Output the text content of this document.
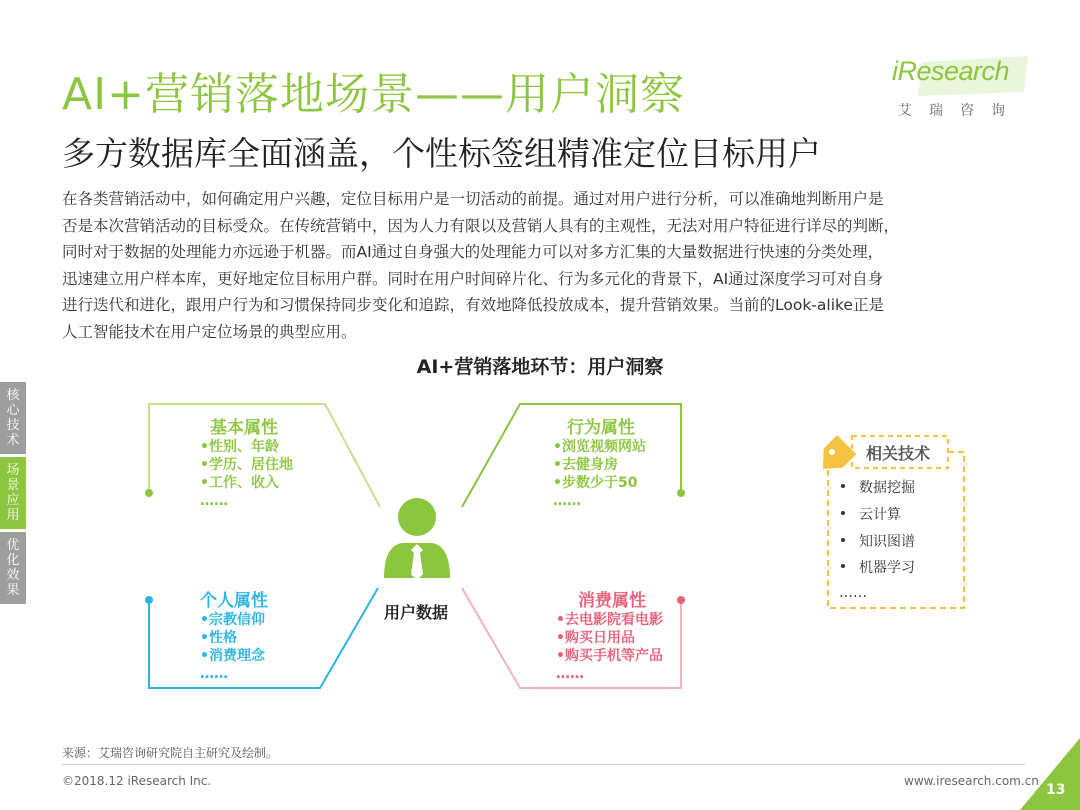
AI+营销落地场景——用户洞察
多方数据库全面涵盖，个性标签组精准定位目标用户
iResearch
艾瑞咨询

在各类营销活动中，如何确定用户兴趣，定位目标用户是一切活动的前提。通过对用户进行分析，可以准确地判断用户是

否是本次营销活动的目标受众。在传统营销中，因为人力有限以及营销人具有的主观性，无法对用户特征进行详尽的判断，

同时对于数据的处理能力亦远逊于机器。而AI通过自身强大的处理能力可以对多方汇集的大量数据进行快速的分类处理，

迅速建立用户样本库，更好地定位目标用户群。同时在用户时间碎片化、行为多元化的背景下，AI通过深度学习可对自身

进行迭代和进化，跟用户行为和习惯保持同步变化和追踪，有效地降低投放成本，提升营销效果。当前的Look-alike正是

人工智能技术在用户定位场景的典型应用。

AI+营销落地环节：用户洞察
核心技术
场景应用
优化效果
基本属性
•性别、年龄
•学历、居住地
•工作、收入
……
行为属性
•浏览视频网站
•去健身房
•步数少于50
……
个人属性
•宗教信仰
•性格
•消费理念
……
消费属性
•去电影院看电影
•购买日用品
•购买手机等产品
……
用户数据
相关技术
数据挖掘
云计算
知识图谱
机器学习
……
来源：艾瑞咨询研究院自主研究及绘制。
©2018.12 iResearch Inc.	www.iresearch.com.cn
13
